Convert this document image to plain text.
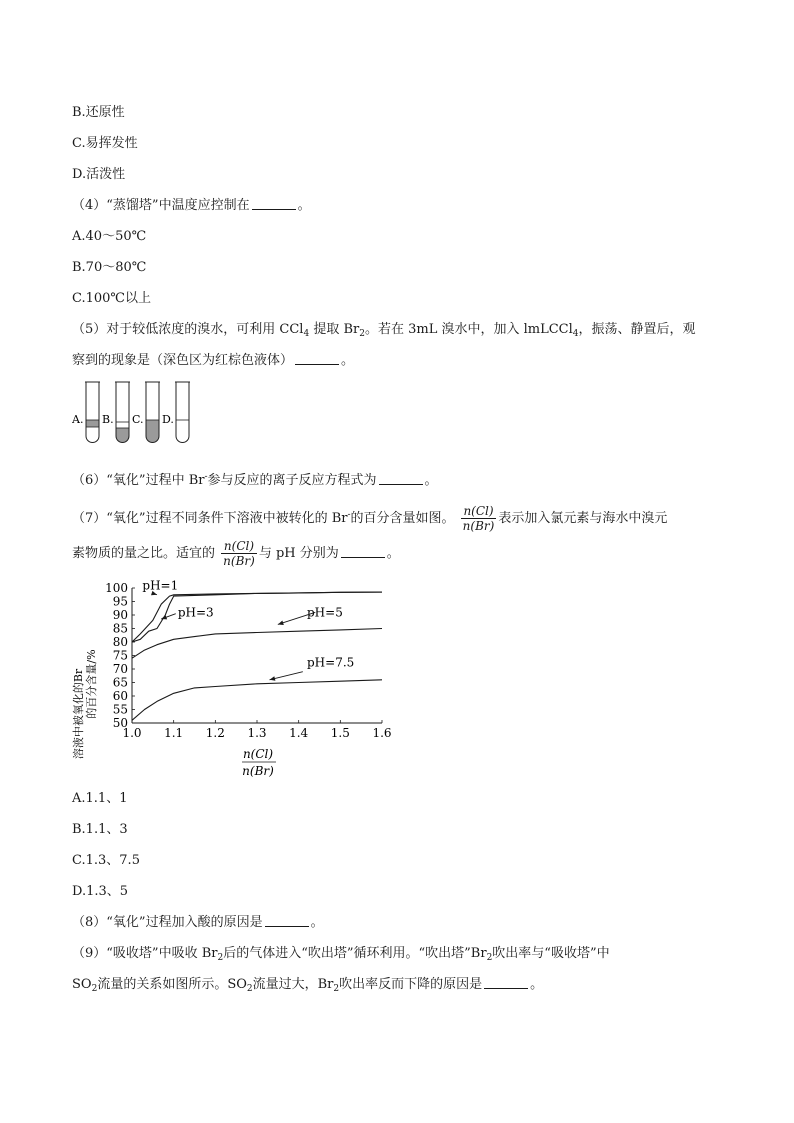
B.还原性
C.易挥发性
D.活泼性
（4）“蒸馏塔”中温度应控制在	。
A.40～50℃
B.70～80℃
C.100℃以上
（5）对于较低浓度的溴水，可利用 CCl$_4$ 提取 $Br_2$。若在 3mL 溴水中，加入 lmLCCl$_4$，振荡、静置后，观
察到的现象是（深色区为红棕色液体）	。
A. B. C. D.
（6）“氧化”过程中 Br-参与反应的离子反应方程式为	。
（7）“氧化”过程不同条件下溶液中被转化的 Br-的百分含量如图。 $\frac{n(Cl)}{n(Br)}$ 表示加入氯元素与海水中溴元
素物质的量之比。适宜的 $\frac{n(Cl)}{n(Br)}$ 与 pH 分别为	。
1.0 1.1 1.2 1.3 1.4 1.5 1.6
50
55
60
65
70
75
80
85
90
95
100 pH=1
pH=3	pH=5
pH=7.5
溶液中被氧化的Br 的百分含量/%
n(Cl)
n(Br)
A.1.1、1
B.1.1、3
C.1.3、7.5
D.1.3、5
（8）“氧化”过程加入酸的原因是	。
（9）“吸收塔”中吸收 $Br_2$后的气体进入“吹出塔”循环利用。“吹出塔$”Br_2$吹出率与“吸收塔”中
$SO_2$流量的关系如图所示。$SO_2$流量过大，$Br_2$吹出率反而下降的原因是	。
